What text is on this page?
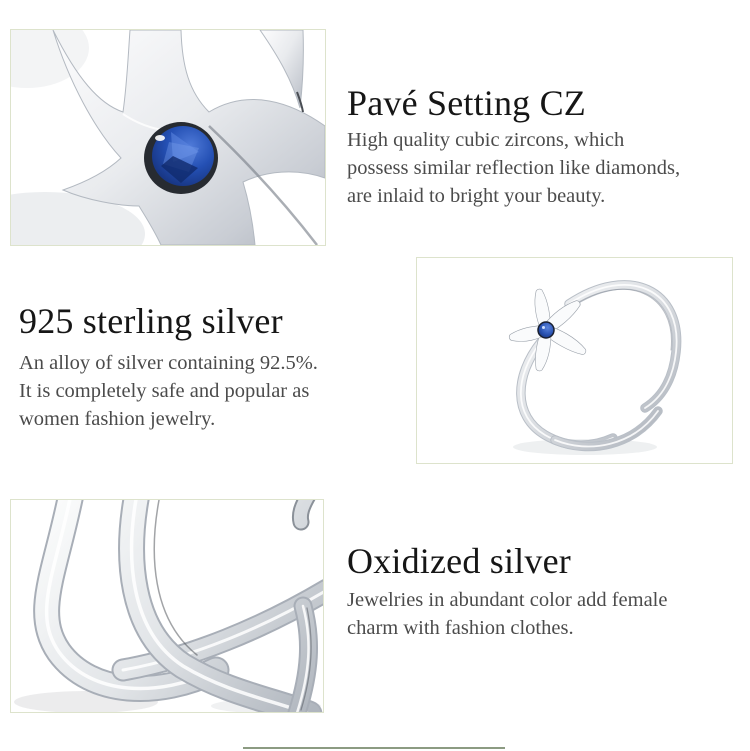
Pavé Setting CZ
High quality cubic zircons, which
possess similar reflection like diamonds,
are inlaid to bright your beauty.
925 sterling silver
An alloy of silver containing 92.5%.
It is completely safe and popular as
women fashion jewelry.
Oxidized silver
Jewelries in abundant color add female
charm with fashion clothes.
